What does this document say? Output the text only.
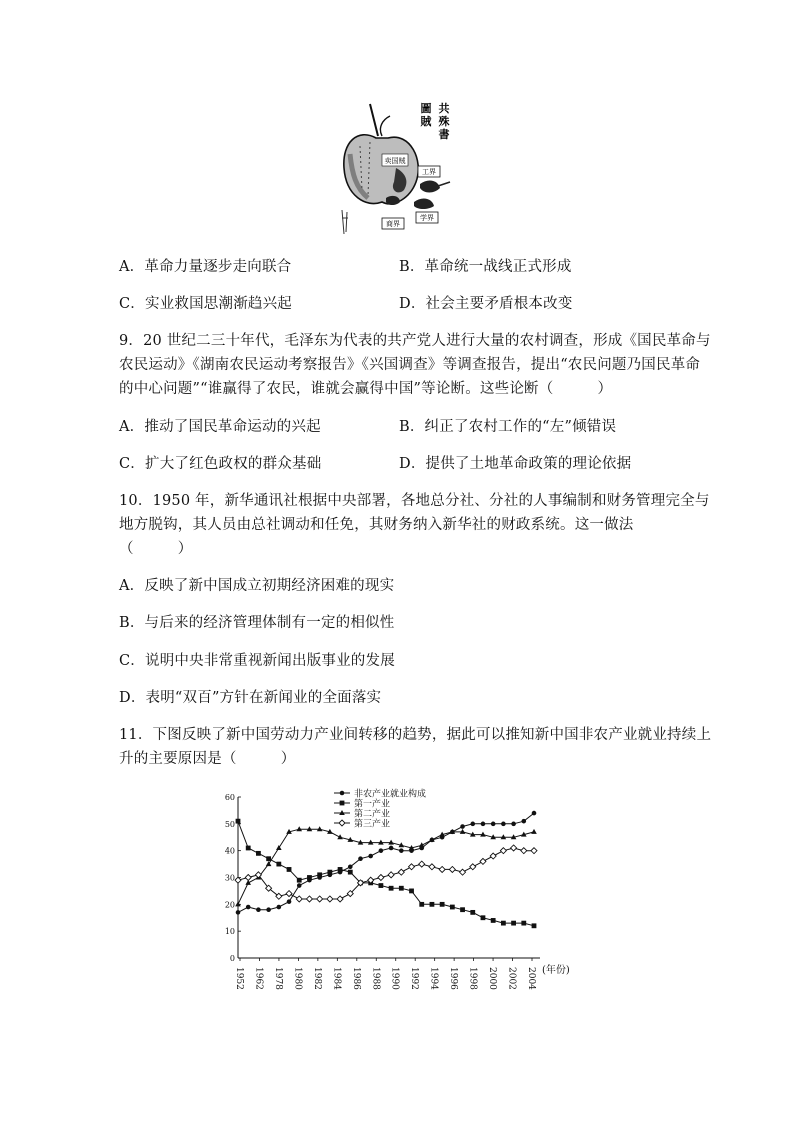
卖国贼
工界
商界
学界
共
殊
書
圖
賊
A．革命力量逐步走向联合	B．革命统一战线正式形成
C．实业救国思潮渐趋兴起	D．社会主要矛盾根本改变
9．20 世纪二三十年代，毛泽东为代表的共产党人进行大量的农村调查，形成《国民革命与
农民运动》《湖南农民运动考察报告》《兴国调查》等调查报告，提出“农民问题乃国民革命
的中心问题”“谁赢得了农民，谁就会赢得中国”等论断。这些论断（　　　）
A．推动了国民革命运动的兴起	B．纠正了农村工作的“左”倾错误
C．扩大了红色政权的群众基础	D．提供了土地革命政策的理论依据
10．1950 年，新华通讯社根据中央部署，各地总分社、分社的人事编制和财务管理完全与
地方脱钩，其人员由总社调动和任免，其财务纳入新华社的财政系统。这一做法
（　　　）
A．反映了新中国成立初期经济困难的现实
B．与后来的经济管理体制有一定的相似性
C．说明中央非常重视新闻出版事业的发展
D．表明“双百”方针在新闻业的全面落实
11．下图反映了新中国劳动力产业间转移的趋势，据此可以推知新中国非农产业就业持续上
升的主要原因是（　　　）
0
10
20
30
40
50
60
1952 1962 1978 1980 1982 1984 1986 1988 1990 1992 1994 1996 1998 2000 2002 2004 (年份)
非农产业就业构成
第一产业
第二产业
第三产业
